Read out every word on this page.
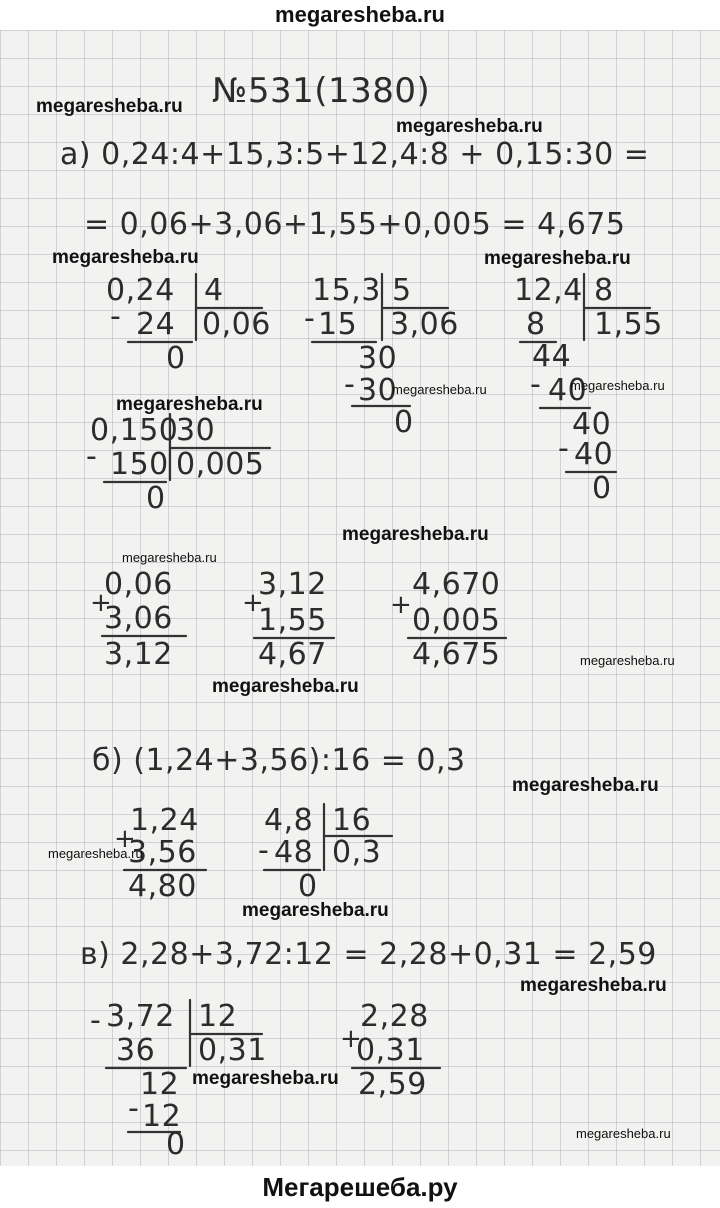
megaresheba.ru
№531(1380)
а) 0,24:4+15,3:5+12,4:8 + 0,15:30 =
= 0,06+3,06+1,55+0,005 = 4,675
0,24 4
- 24 0,06
0
15,3 5
- 15 3,06
30
- 30
0
12,4 8
8 1,55
44
- 40
40
- 40
0
0,150
30
- 150 0,005
0
0,06
+
3,06
3,12
3,12
+
1,55
4,67
4,670
+ 0,005
4,675
б) (1,24+3,56):16 = 0,3
1,24
+
3,56
4,80
4,8 16
- 48 0,3
0
в) 2,28+3,72:12 = 2,28+0,31 = 2,59
3,72 12
-
36 0,31
12
- 12
0
2,28
+
0,31
2,59
megaresheba.ru
megaresheba.ru
megaresheba.ru	megaresheba.ru
megaresheba.ru	megaresheba.ru
megaresheba.ru
megaresheba.ru
megaresheba.ru
megaresheba.ru
megaresheba.ru
megaresheba.ru
megaresheba.ru
megaresheba.ru
megaresheba.ru
megaresheba.ru
megaresheba.ru
Мегарешеба.ру
